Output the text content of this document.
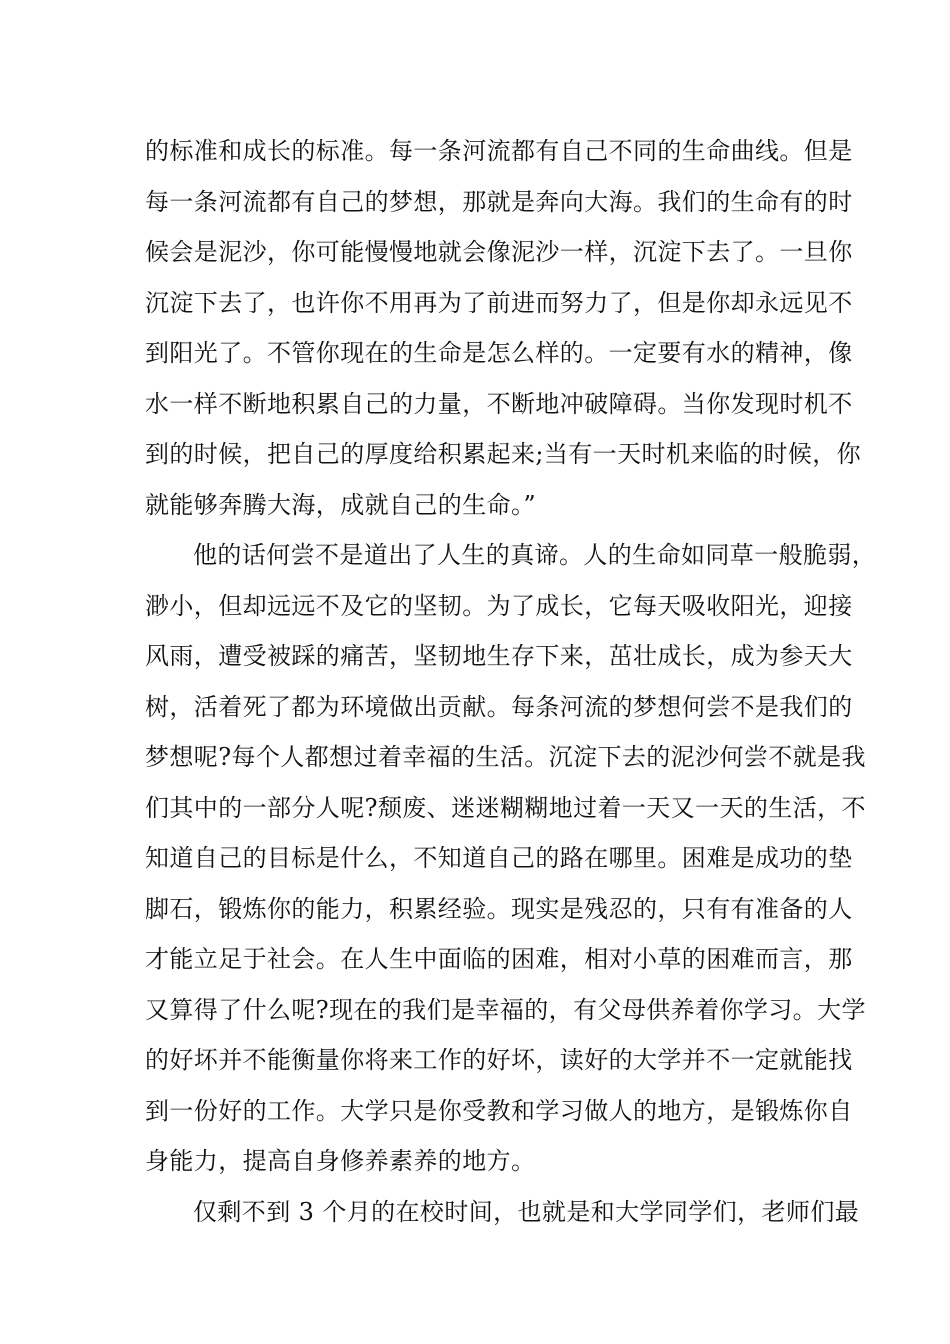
的标准和成长的标准。每一条河流都有自己不同的生命曲线。但是
每一条河流都有自己的梦想，那就是奔向大海。我们的生命有的时
候会是泥沙，你可能慢慢地就会像泥沙一样，沉淀下去了。一旦你
沉淀下去了，也许你不用再为了前进而努力了，但是你却永远见不
到阳光了。不管你现在的生命是怎么样的。一定要有水的精神，像
水一样不断地积累自己的力量，不断地冲破障碍。当你发现时机不
到的时候，把自己的厚度给积累起来;当有一天时机来临的时候，你
就能够奔腾大海，成就自己的生命。”
他的话何尝不是道出了人生的真谛。人的生命如同草一般脆弱，
渺小，但却远远不及它的坚韧。为了成长，它每天吸收阳光，迎接
风雨，遭受被踩的痛苦，坚韧地生存下来，茁壮成长，成为参天大
树，活着死了都为环境做出贡献。每条河流的梦想何尝不是我们的
梦想呢?每个人都想过着幸福的生活。沉淀下去的泥沙何尝不就是我
们其中的一部分人呢?颓废、迷迷糊糊地过着一天又一天的生活，不
知道自己的目标是什么，不知道自己的路在哪里。困难是成功的垫
脚石，锻炼你的能力，积累经验。现实是残忍的，只有有准备的人
才能立足于社会。在人生中面临的困难，相对小草的困难而言，那
又算得了什么呢?现在的我们是幸福的，有父母供养着你学习。大学
的好坏并不能衡量你将来工作的好坏，读好的大学并不一定就能找
到一份好的工作。大学只是你受教和学习做人的地方，是锻炼你自
身能力，提高自身修养素养的地方。
仅剩不到 3 个月的在校时间，也就是和大学同学们，老师们最
